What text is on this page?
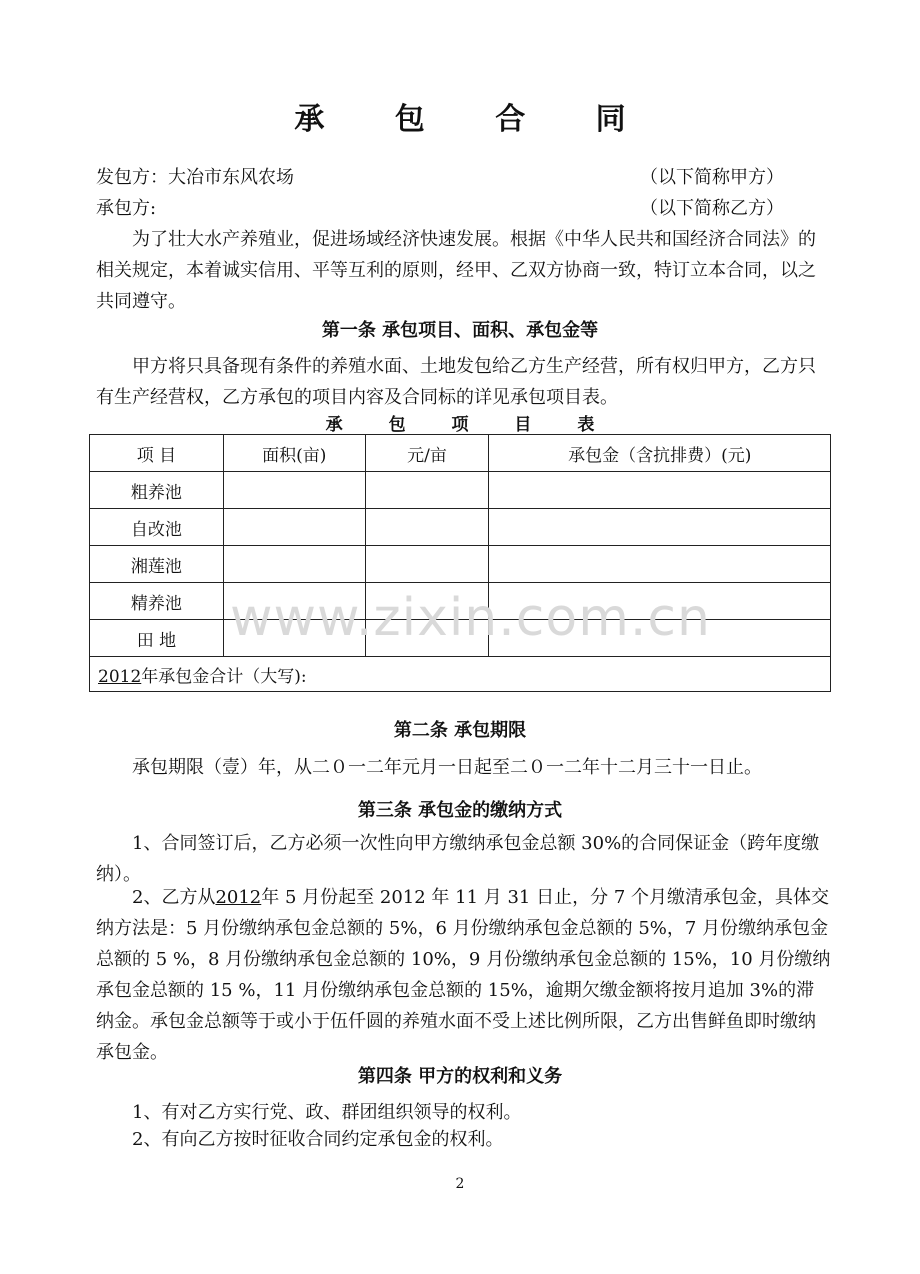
承 包 合 同
发包方：大冶市东风农场	（以下简称甲方）
承包方:	（以下简称乙方）
为了壮大水产养殖业，促进场域经济快速发展。根据《中华人民共和国经济合同法》的相关规定，本着诚实信用、平等互利的原则，经甲、乙双方协商一致，特订立本合同，以之共同遵守。
第一条 承包项目、面积、承包金等
甲方将只具备现有条件的养殖水面、土地发包给乙方生产经营，所有权归甲方，乙方只有生产经营权，乙方承包的项目内容及合同标的详见承包项目表。
承 包 项 目 表
项 目	面积(亩)	元/亩	承包金（含抗排费）(元)
粗养池			
自改池			
湘莲池			
精养池			
田 地			
2012年承包金合计（大写):			
www.zixin.com.cn
第二条 承包期限
承包期限（壹）年，从二０一二年元月一日起至二０一二年十二月三十一日止。
第三条 承包金的缴纳方式
1、合同签订后，乙方必须一次性向甲方缴纳承包金总额 30%的合同保证金（跨年度缴纳）。
2、乙方从2012年 5 月份起至 2012 年 11 月 31 日止，分 7 个月缴清承包金，具体交纳方法是：5 月份缴纳承包金总额的 5%，6 月份缴纳承包金总额的 5%，7 月份缴纳承包金总额的 5 %，8 月份缴纳承包金总额的 10%，9 月份缴纳承包金总额的 15%，10 月份缴纳承包金总额的 15 %，11 月份缴纳承包金总额的 15%，逾期欠缴金额将按月追加 3%的滞纳金。承包金总额等于或小于伍仟圆的养殖水面不受上述比例所限，乙方出售鲜鱼即时缴纳承包金。
第四条 甲方的权利和义务
1、有对乙方实行党、政、群团组织领导的权利。
2、有向乙方按时征收合同约定承包金的权利。
2
